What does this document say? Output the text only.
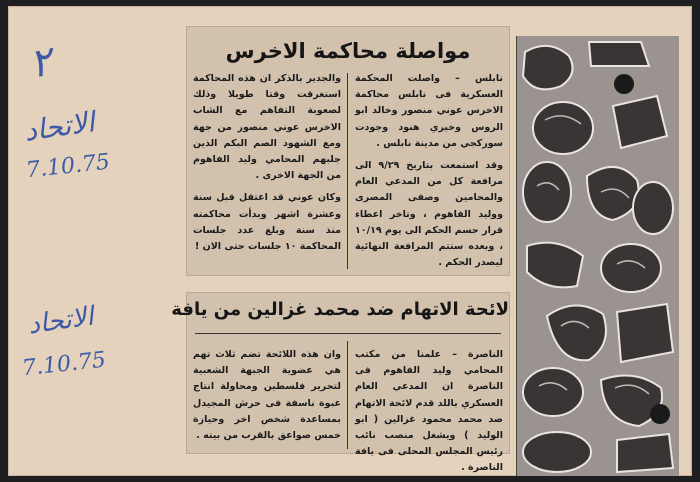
٢
الاتحاد
7.10.75
الاتحاد
7.10.75
مواصلة محاكمة الاخرس

نابلس – واصلت المحكمة العسكرية فى نابلس محاكمة الاخرس عوني منصور وخالد ابو الروس وخيري هنود وجودت سوركجي من مدينة نابلس .

وقد استمعت بتاريخ ٩/٢٩ الى مرافعة كل من المدعي العام والمحامين وصفى المصرى ووليد الفاهوم ، وتاخر اعطاء قرار حسم الحكم الى يوم ١٠/١٩ ، وبعده ستتم المرافعة النهائية ليصدر الحكم .

والجدير بالذكر ان هذه المحاكمة استغرقت وقتا طويلا وذلك لصعوبة التفاهم مع الشاب الاخرس عوني منصور من جهة ومع الشهود الصم البكم الذين جلبهم المحامي وليد الفاهوم من الجهة الاخرى .

وكان عوني قد اعتقل قبل سنة وعشرة اشهر وبدأت محاكمته منذ سنة وبلغ عدد جلسات المحاكمة ١٠ جلسات حتى الان !

لائحة الاتهام ضد محمد غزالين من يافة

الناصرة – علمنا من مكتب المحامي وليد الفاهوم فى الناصرة ان المدعي العام العسكري باللد قدم لائحة الاتهام ضد محمد محمود غزالين ( ابو الوليد ) ويشغل منصب نائب رئيس المجلس المحلى فى يافة الناصرة .

وان هذه اللائحة تضم ثلاث تهم هي عضوية الجبهة الشعبية لتحرير فلسطين ومحاولة انتاج عبوة ناسفة فى حرش المجيدل بمساعدة شخص اخر وحيازة خمس صواعق بالقرب من بيته .
